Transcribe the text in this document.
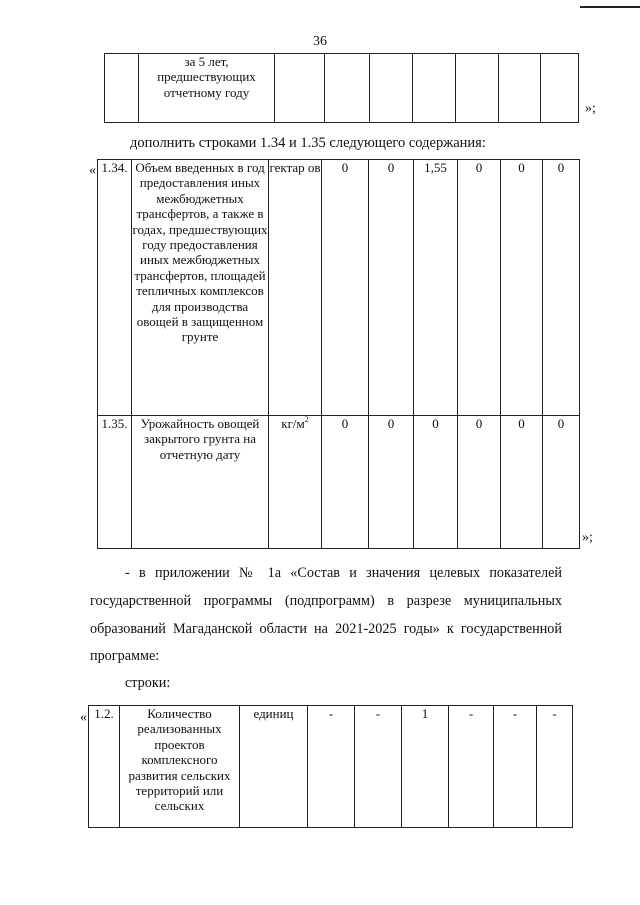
36
	за 5 лет, предшествующих отчетному году							
»;
дополнить строками 1.34 и 1.35 следующего содержания:
« 1.34.	Объем введенных в год предоставления иных межбюджетных трансфертов, а также в годах, предшествующих году предоставления иных межбюджетных трансфертов, площадей тепличных комплексов для производства овощей в защищенном грунте	гектар ов	0	0	1,55	0	0	0
1.35.	Урожайность овощей закрытого грунта на отчетную дату	$кг/м^2$	0	0	0	0	0	0
»;
- в приложении № 1а «Состав и значения целевых показателей
государственной программы (подпрограмм) в разрезе муниципальных
образований Магаданской области на 2021-2025 годы» к государственной
программе:
строки:
« 1.2.	Количество реализованных проектов комплексного развития сельских территорий или сельских	единиц	-	-	1	-	-	-
